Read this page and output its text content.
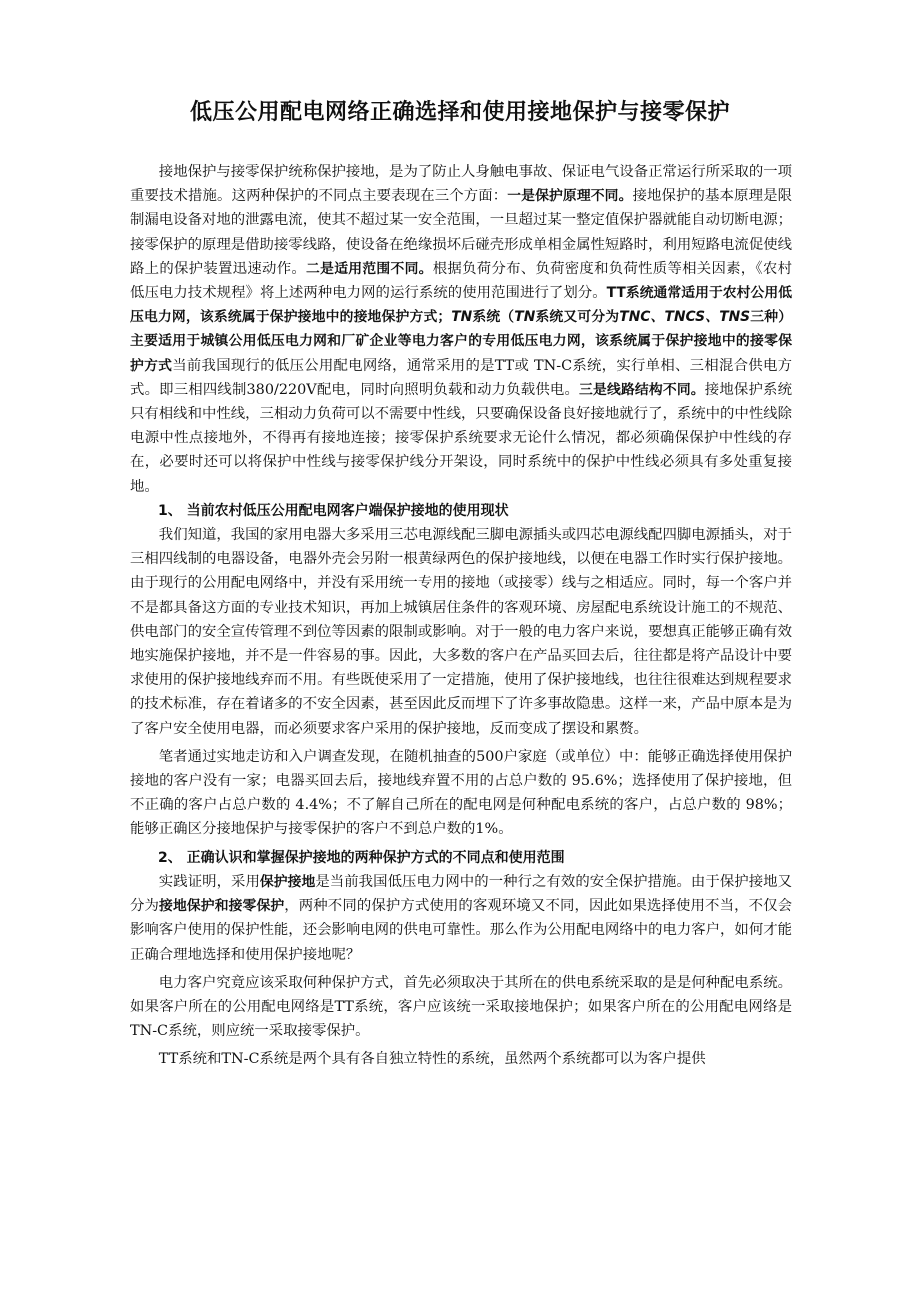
低压公用配电网络正确选择和使用接地保护与接零保护

接地保护与接零保护统称保护接地，是为了防止人身触电事故、保证电气设备正常运行所采取的一项重要技术措施。这两种保护的不同点主要表现在三个方面：一是保护原理不同。接地保护的基本原理是限制漏电设备对地的泄露电流，使其不超过某一安全范围，一旦超过某一整定值保护器就能自动切断电源；接零保护的原理是借助接零线路，使设备在绝缘损坏后碰壳形成单相金属性短路时，利用短路电流促使线路上的保护装置迅速动作。二是适用范围不同。根据负荷分布、负荷密度和负荷性质等相关因素，《农村低压电力技术规程》将上述两种电力网的运行系统的使用范围进行了划分。TT系统通常适用于农村公用低压电力网，该系统属于保护接地中的接地保护方式；TN系统（TN系统又可分为TNC、TNCS、TNS三种）主要适用于城镇公用低压电力网和厂矿企业等电力客户的专用低压电力网，该系统属于保护接地中的接零保护方式当前我国现行的低压公用配电网络，通常采用的是TT或 TN-C系统，实行单相、三相混合供电方式。即三相四线制380/220V配电，同时向照明负载和动力负载供电。三是线路结构不同。接地保护系统只有相线和中性线，三相动力负荷可以不需要中性线，只要确保设备良好接地就行了，系统中的中性线除电源中性点接地外，不得再有接地连接；接零保护系统要求无论什么情况，都必须确保保护中性线的存在，必要时还可以将保护中性线与接零保护线分开架设，同时系统中的保护中性线必须具有多处重复接地。

1、 当前农村低压公用配电网客户端保护接地的使用现状

我们知道，我国的家用电器大多采用三芯电源线配三脚电源插头或四芯电源线配四脚电源插头，对于三相四线制的电器设备，电器外壳会另附一根黄绿两色的保护接地线，以便在电器工作时实行保护接地。由于现行的公用配电网络中，并没有采用统一专用的接地（或接零）线与之相适应。同时，每一个客户并不是都具备这方面的专业技术知识，再加上城镇居住条件的客观环境、房屋配电系统设计施工的不规范、供电部门的安全宣传管理不到位等因素的限制或影响。对于一般的电力客户来说，要想真正能够正确有效地实施保护接地，并不是一件容易的事。因此，大多数的客户在产品买回去后，往往都是将产品设计中要求使用的保护接地线弃而不用。有些既使采用了一定措施，使用了保护接地线，也往往很难达到规程要求的技术标准，存在着诸多的不安全因素，甚至因此反而埋下了许多事故隐患。这样一来，产品中原本是为了客户安全使用电器，而必须要求客户采用的保护接地，反而变成了摆设和累赘。

笔者通过实地走访和入户调查发现，在随机抽查的500户家庭（或单位）中：能够正确选择使用保护接地的客户没有一家；电器买回去后，接地线弃置不用的占总户数的 95.6%；选择使用了保护接地，但不正确的客户占总户数的 4.4%；不了解自己所在的配电网是何种配电系统的客户，占总户数的 98%；能够正确区分接地保护与接零保护的客户不到总户数的1%。

2、 正确认识和掌握保护接地的两种保护方式的不同点和使用范围

实践证明，采用保护接地是当前我国低压电力网中的一种行之有效的安全保护措施。由于保护接地又分为接地保护和接零保护，两种不同的保护方式使用的客观环境又不同，因此如果选择使用不当，不仅会影响客户使用的保护性能，还会影响电网的供电可靠性。那么作为公用配电网络中的电力客户，如何才能正确合理地选择和使用保护接地呢？

电力客户究竟应该采取何种保护方式，首先必须取决于其所在的供电系统采取的是是何种配电系统。如果客户所在的公用配电网络是TT系统，客户应该统一采取接地保护；如果客户所在的公用配电网络是TN-C系统，则应统一采取接零保护。

TT系统和TN-C系统是两个具有各自独立特性的系统，虽然两个系统都可以为客户提供
